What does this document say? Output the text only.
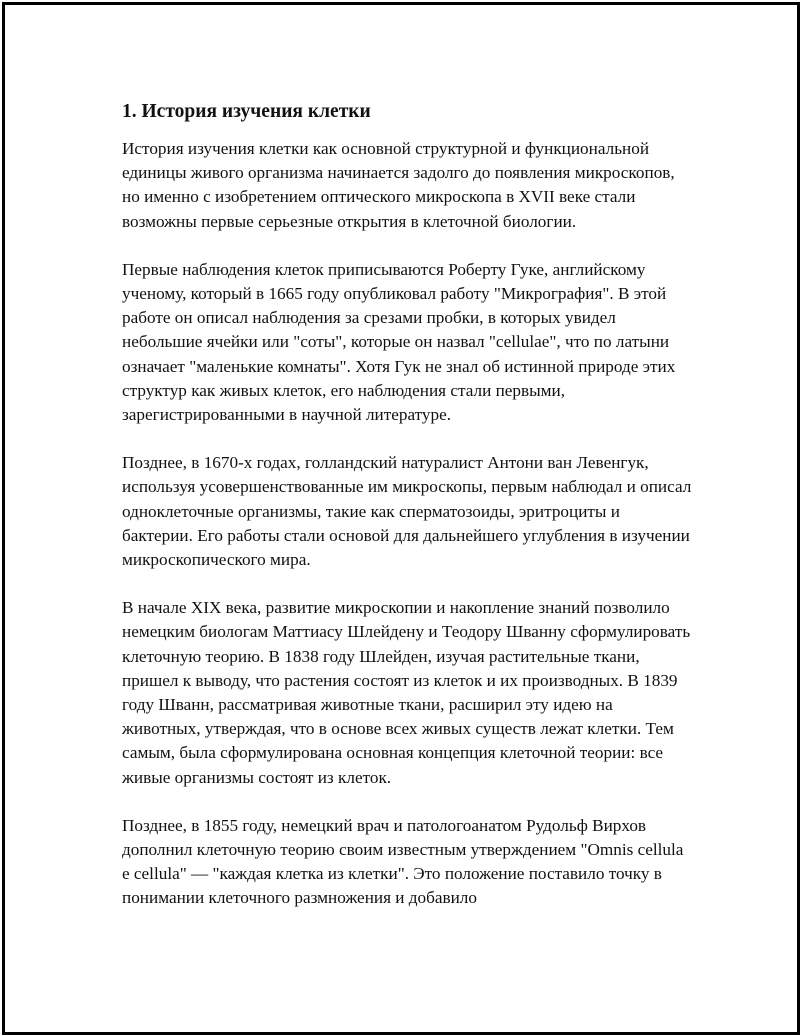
1. История изучения клетки

История изучения клетки как основной структурной и функциональной единицы живого организма начинается задолго до появления микроскопов, но именно с изобретением оптического микроскопа в XVII веке стали возможны первые серьезные открытия в клеточной биологии.

Первые наблюдения клеток приписываются Роберту Гуке, английскому ученому, который в 1665 году опубликовал работу "Микрография". В этой работе он описал наблюдения за срезами пробки, в которых увидел небольшие ячейки или "соты", которые он назвал "cellulae", что по латыни означает "маленькие комнаты". Хотя Гук не знал об истинной природе этих структур как живых клеток, его наблюдения стали первыми, зарегистрированными в научной литературе.

Позднее, в 1670-х годах, голландский натуралист Антони ван Левенгук, используя усовершенствованные им микроскопы, первым наблюдал и описал одноклеточные организмы, такие как сперматозоиды, эритроциты и бактерии. Его работы стали основой для дальнейшего углубления в изучении микроскопического мира.

В начале XIX века, развитие микроскопии и накопление знаний позволило немецким биологам Маттиасу Шлейдену и Теодору Шванну сформулировать клеточную теорию. В 1838 году Шлейден, изучая растительные ткани, пришел к выводу, что растения состоят из клеток и их производных. В 1839 году Шванн, рассматривая животные ткани, расширил эту идею на животных, утверждая, что в основе всех живых существ лежат клетки. Тем самым, была сформулирована основная концепция клеточной теории: все живые организмы состоят из клеток.

Позднее, в 1855 году, немецкий врач и патологоанатом Рудольф Вирхов дополнил клеточную теорию своим известным утверждением "Omnis cellula e cellula" — "каждая клетка из клетки". Это положение поставило точку в понимании клеточного размножения и добавило
